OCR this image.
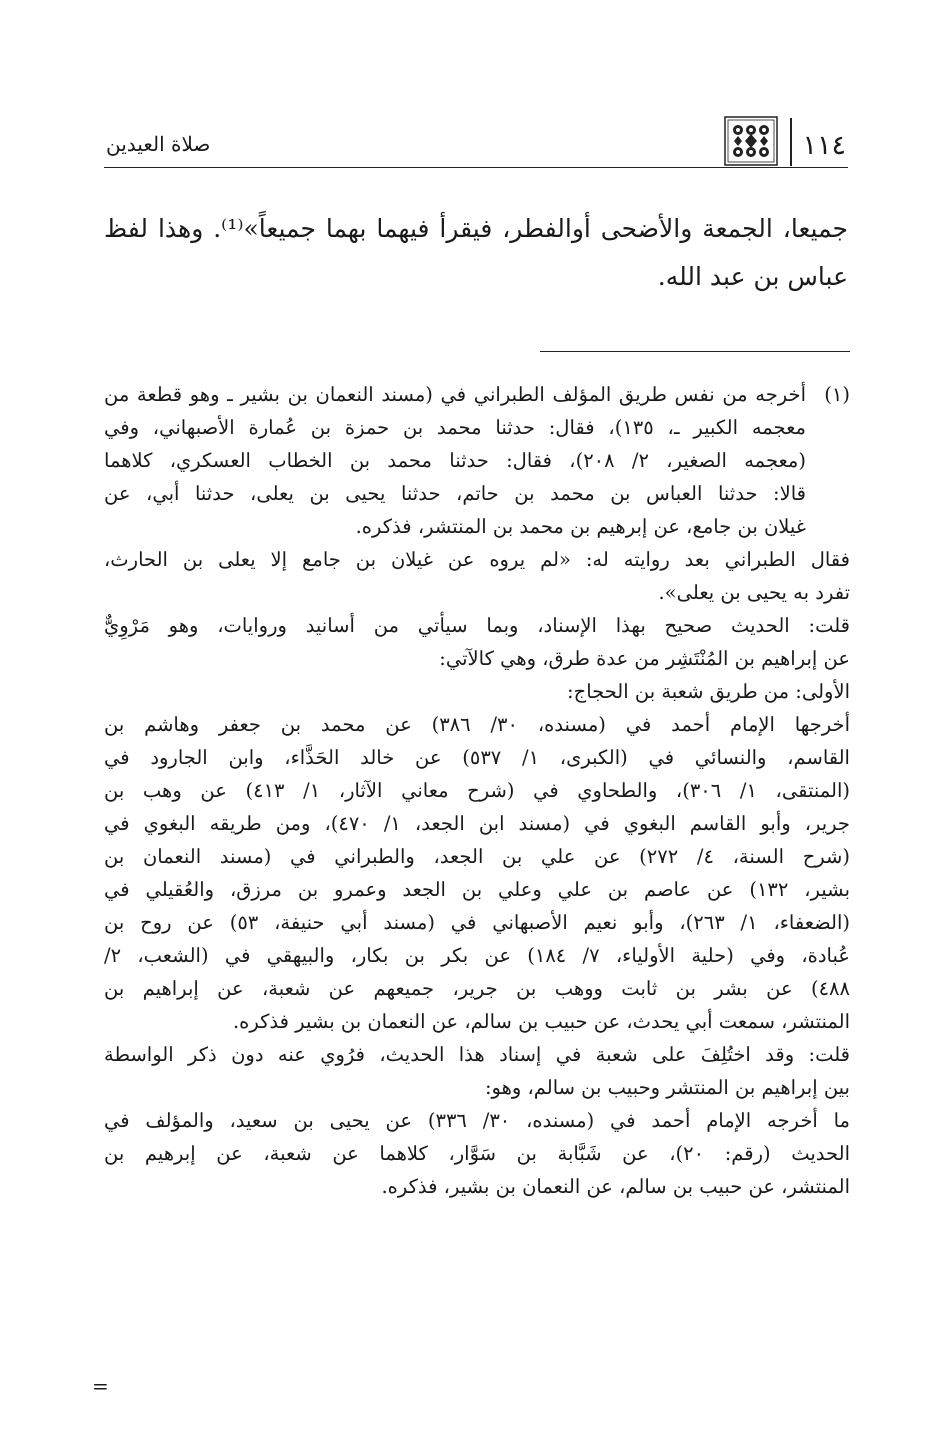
١١٤
صلاة العيدين

جميعا، الجمعة والأضحى أوالفطر، فيقرأ فيهما بهما جميعاً»⁽¹⁾. وهذا لفظ عباس بن عبد الله.

(١)
أخرجه من نفس طريق المؤلف الطبراني في (مسند النعمان بن بشير ـ وهو قطعة من
معجمه الكبير ـ، ١٣٥)، فقال: حدثنا محمد بن حمزة بن عُمارة الأصبهاني، وفي
(معجمه الصغير، ٢/ ٢٠٨)، فقال: حدثنا محمد بن الخطاب العسكري، كلاهما
قالا: حدثنا العباس بن محمد بن حاتم، حدثنا يحيى بن يعلى، حدثنا أبي، عن
غيلان بن جامع، عن إبرهيم بن محمد بن المنتشر، فذكره.
فقال الطبراني بعد روايته له: «لم يروه عن غيلان بن جامع إلا يعلى بن الحارث،
تفرد به يحيى بن يعلى».
قلت: الحديث صحيح بهذا الإسناد، وبما سيأتي من أسانيد وروايات، وهو مَرْوِيٌّ
عن إبراهيم بن المُنْتَشِر من عدة طرق، وهي كالآتي:
الأولى: من طريق شعبة بن الحجاج:
أخرجها الإمام أحمد في (مسنده، ٣٠/ ٣٨٦) عن محمد بن جعفر وهاشم بن
القاسم، والنسائي في (الكبرى، ١/ ٥٣٧) عن خالد الحَذَّاء، وابن الجارود في
(المنتقى، ١/ ٣٠٦)، والطحاوي في (شرح معاني الآثار، ١/ ٤١٣) عن وهب بن
جرير، وأبو القاسم البغوي في (مسند ابن الجعد، ١/ ٤٧٠)، ومن طريقه البغوي في
(شرح السنة، ٤/ ٢٧٢) عن علي بن الجعد، والطبراني في (مسند النعمان بن
بشير، ١٣٢) عن عاصم بن علي وعلي بن الجعد وعمرو بن مرزق، والعُقيلي في
(الضعفاء، ١/ ٢٦٣)، وأبو نعيم الأصبهاني في (مسند أبي حنيفة، ٥٣) عن روح بن
عُبادة، وفي (حلية الأولياء، ٧/ ١٨٤) عن بكر بن بكار، والبيهقي في (الشعب، ٢/
٤٨٨) عن بشر بن ثابت ووهب بن جرير، جميعهم عن شعبة، عن إبراهيم بن
المنتشر، سمعت أبي يحدث، عن حبيب بن سالم، عن النعمان بن بشير فذكره.
قلت: وقد اختُلِفَ على شعبة في إسناد هذا الحديث، فرُوي عنه دون ذكر الواسطة
بين إبراهيم بن المنتشر وحبيب بن سالم، وهو:
ما أخرجه الإمام أحمد في (مسنده، ٣٠/ ٣٣٦) عن يحيى بن سعيد، والمؤلف في
الحديث (رقم: ٢٠)، عن شَبَّابة بن سَوَّار، كلاهما عن شعبة، عن إبرهيم بن
المنتشر، عن حبيب بن سالم، عن النعمان بن بشير، فذكره.
=
